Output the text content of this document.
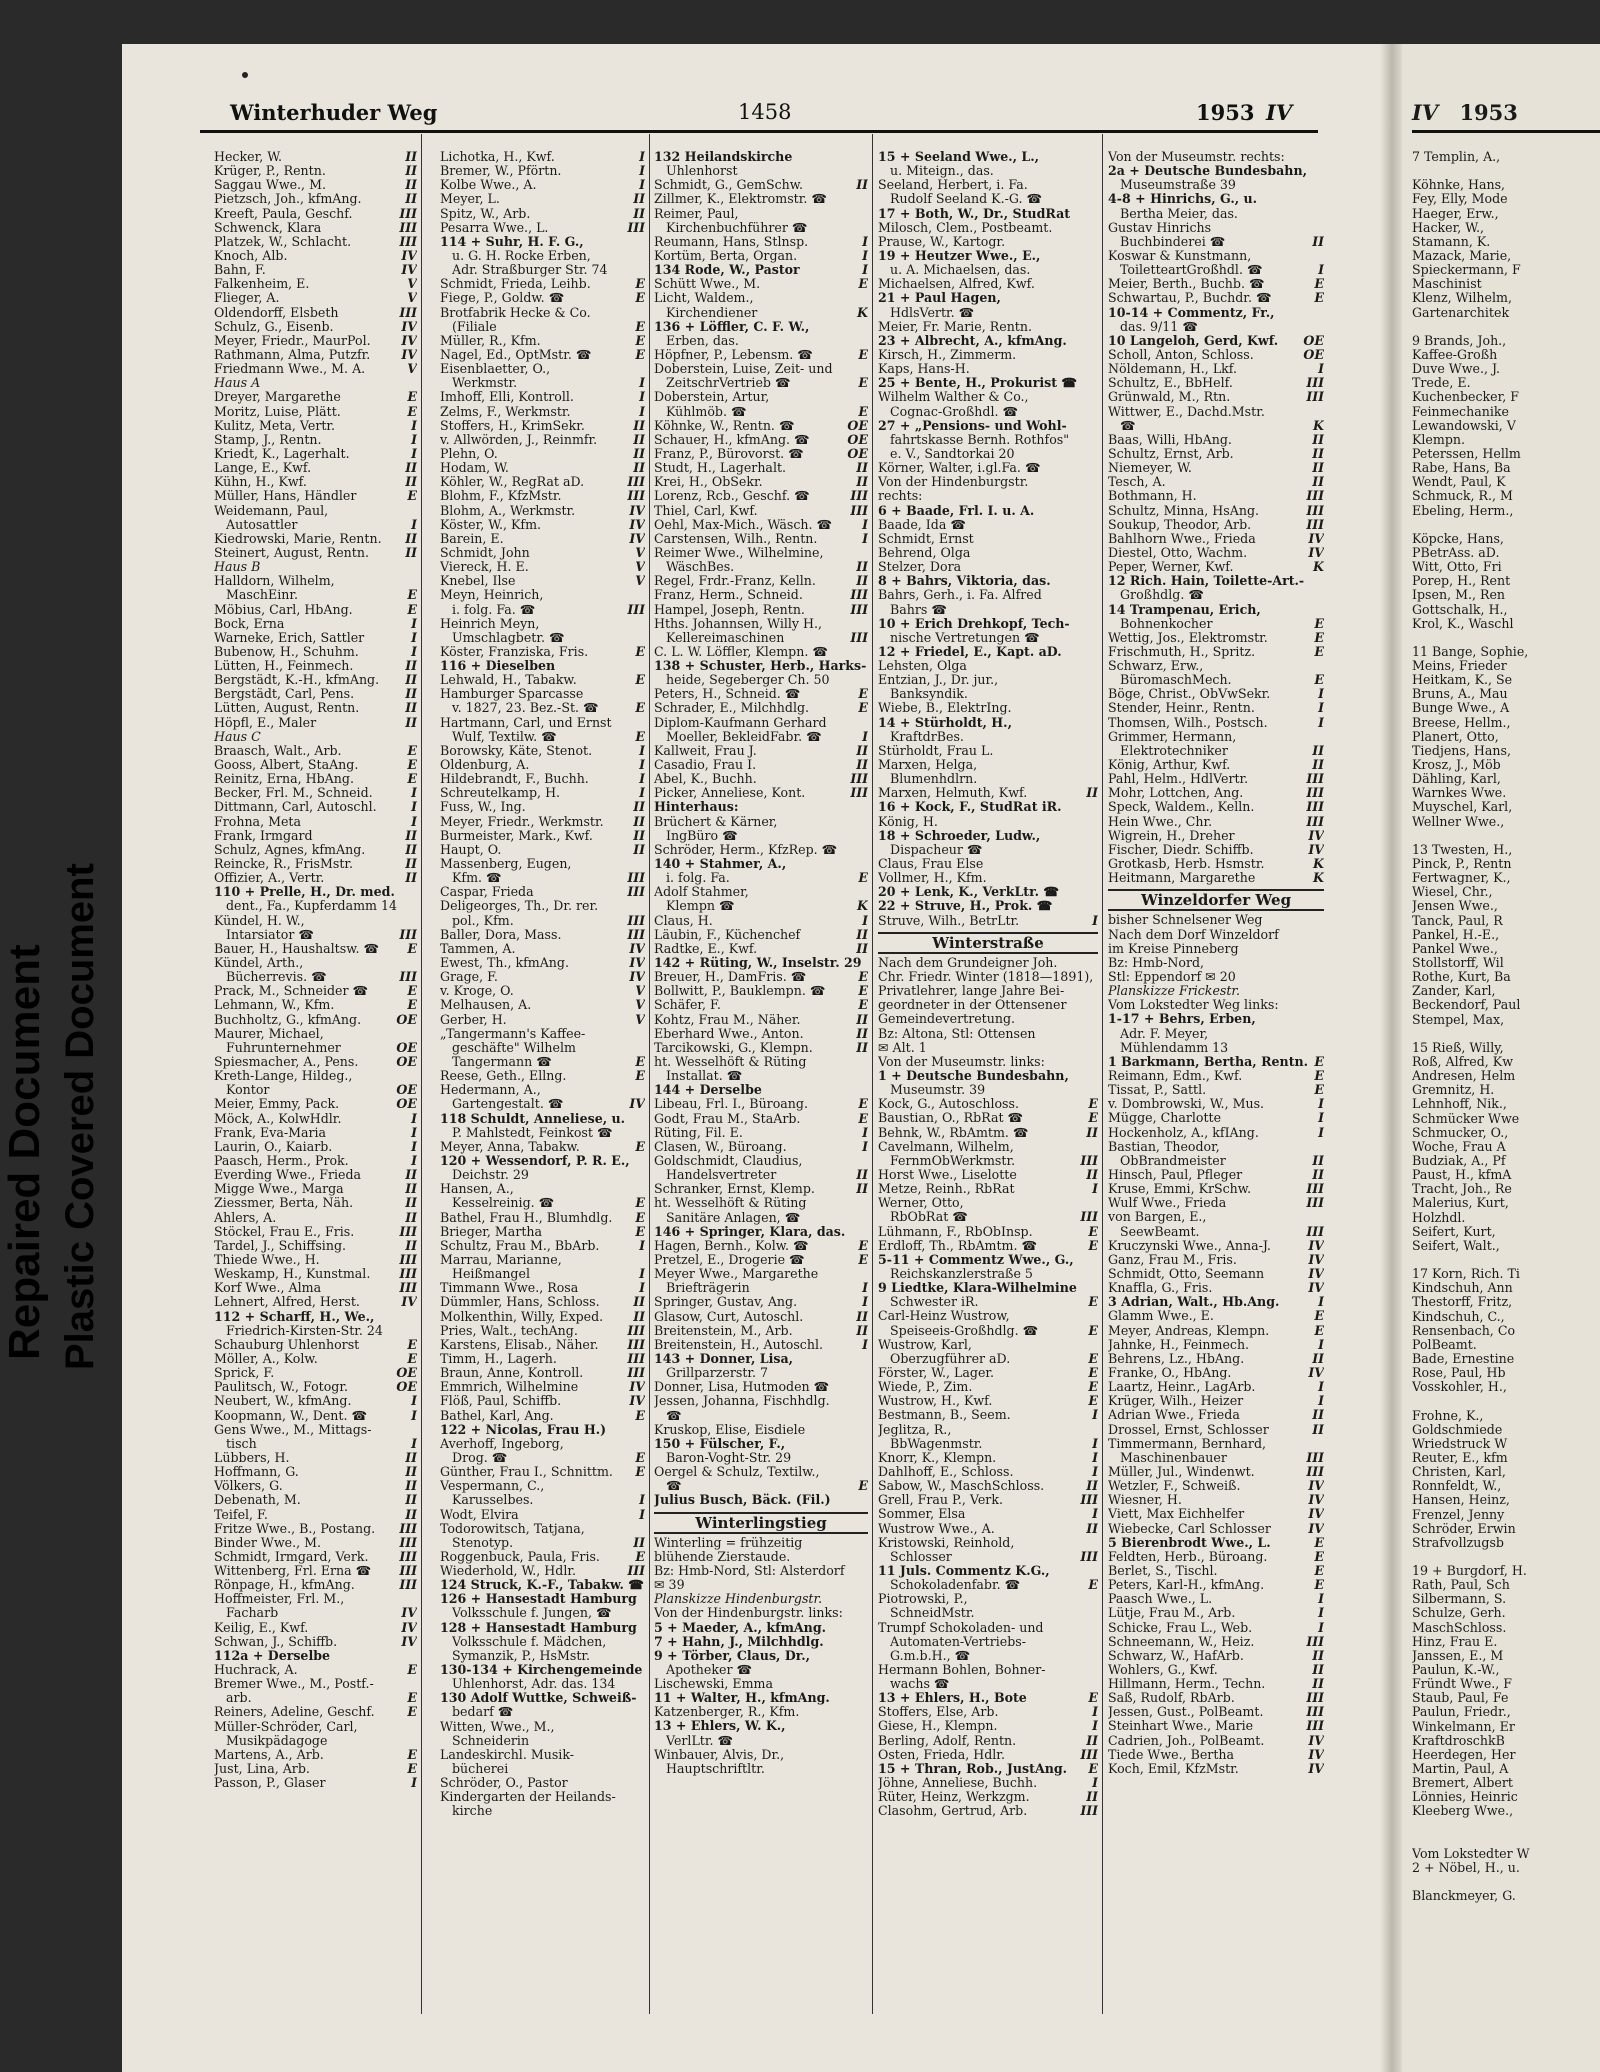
Repaired Document Plastic Covered Document
Winterhuder Weg	1458	1953 IV	IV 1953
Hecker, W.	II
Krüger, P., Rentn.	II
Saggau Wwe., M.	II
Pietzsch, Joh., kfmAng.	II
Kreeft, Paula, Geschf.	III
Schwenck, Klara	III
Platzek, W., Schlacht.	III
Knoch, Alb.	IV
Bahn, F.	IV
Falkenheim, E.	V
Flieger, A.	V
Oldendorff, Elsbeth	III
Schulz, G., Eisenb.	IV
Meyer, Friedr., MaurPol.	IV
Rathmann, Alma, Putzfr.	IV
Friedmann Wwe., M. A.	V
Haus A
Dreyer, Margarethe	E
Moritz, Luise, Plätt.	E
Kulitz, Meta, Vertr.	I
Stamp, J., Rentn.	I
Kriedt, K., Lagerhalt.	I
Lange, E., Kwf.	II
Kühn, H., Kwf.	II
Müller, Hans, Händler	E
Weidemann, Paul,
Autosattler	I
Kiedrowski, Marie, Rentn.	II
Steinert, August, Rentn.	II
Haus B
Halldorn, Wilhelm,
MaschEinr.	E
Möbius, Carl, HbAng.	E
Bock, Erna	I
Warneke, Erich, Sattler	I
Bubenow, H., Schuhm.	I
Lütten, H., Feinmech.	II
Bergstädt, K.-H., kfmAng.	II
Bergstädt, Carl, Pens.	II
Lütten, August, Rentn.	II
Höpfl, E., Maler	II
Haus C
Braasch, Walt., Arb.	E
Gooss, Albert, StaAng.	E
Reinitz, Erna, HbAng.	E
Becker, Frl. M., Schneid.	I
Dittmann, Carl, Autoschl.	I
Frohna, Meta	I
Frank, Irmgard	II
Schulz, Agnes, kfmAng.	II
Reincke, R., FrisMstr.	II
Offizier, A., Vertr.	II
110 + Prelle, H., Dr. med.
dent., Fa., Kupferdamm 14
Kündel, H. W.,
Intarsiator ☎	III
Bauer, H., Haushaltsw. ☎	E
Kündel, Arth.,
Bücherrevis. ☎	III
Prack, M., Schneider ☎	E
Lehmann, W., Kfm.	E
Buchholtz, G., kfmAng.	OE
Maurer, Michael,
Fuhrunternehmer	OE
Spiesmacher, A., Pens.	OE
Kreth-Lange, Hildeg.,
Kontor	OE
Meier, Emmy, Pack.	OE
Möck, A., KolwHdlr.	I
Frank, Eva-Maria	I
Laurin, O., Kaiarb.	I
Paasch, Herm., Prok.	I
Everding Wwe., Frieda	II
Migge Wwe., Marga	II
Ziessmer, Berta, Näh.	II
Ahlers, A.	II
Stöckel, Frau E., Fris.	III
Tardel, J., Schiffsing.	II
Thiede Wwe., H.	III
Weskamp, H., Kunstmal.	III
Korf Wwe., Alma	III
Lehnert, Alfred, Herst.	IV
112 + Scharff, H., We.,
Friedrich-Kirsten-Str. 24
Schauburg Uhlenhorst	E
Möller, A., Kolw.	E
Sprick, F.	OE
Paulitsch, W., Fotogr.	OE
Neubert, W., kfmAng.	I
Koopmann, W., Dent. ☎	I
Gens Wwe., M., Mittags-
tisch	I
Lübbers, H.	II
Hoffmann, G.	II
Völkers, G.	II
Debenath, M.	II
Teifel, F.	II
Fritze Wwe., B., Postang.	III
Binder Wwe., M.	III
Schmidt, Irmgard, Verk.	III
Wittenberg, Frl. Erna ☎	III
Rönpage, H., kfmAng.	III
Hoffmeister, Frl. M.,
Facharb	IV
Keilig, E., Kwf.	IV
Schwan, J., Schiffb.	IV
112a + Derselbe
Huchrack, A.	E
Bremer Wwe., M., Postf.-
arb.	E
Reiners, Adeline, Geschf.	E
Müller-Schröder, Carl,
Musikpädagoge
Martens, A., Arb.	E
Just, Lina, Arb.	E
Passon, P., Glaser	I
Lichotka, H., Kwf.	I
Bremer, W., Pförtn.	I
Kolbe Wwe., A.	I
Meyer, L.	II
Spitz, W., Arb.	II
Pesarra Wwe., L.	III
114 + Suhr, H. F. G.,
u. G. H. Rocke Erben,
Adr. Straßburger Str. 74
Schmidt, Frieda, Leihb.	E
Fiege, P., Goldw. ☎	E
Brotfabrik Hecke & Co.
(Filiale	E
Müller, R., Kfm.	E
Nagel, Ed., OptMstr. ☎	E
Eisenblaetter, O.,
Werkmstr.	I
Imhoff, Elli, Kontroll.	I
Zelms, F., Werkmstr.	I
Stoffers, H., KrimSekr.	II
v. Allwörden, J., Reinmfr.	II
Plehn, O.	II
Hodam, W.	II
Köhler, W., RegRat aD.	III
Blohm, F., KfzMstr.	III
Blohm, A., Werkmstr.	IV
Köster, W., Kfm.	IV
Barein, E.	IV
Schmidt, John	V
Viereck, H. E.	V
Knebel, Ilse	V
Meyn, Heinrich,
i. folg. Fa. ☎	III
Heinrich Meyn,
Umschlagbetr. ☎
Köster, Franziska, Fris.	E
116 + Dieselben
Lehwald, H., Tabakw.	E
Hamburger Sparcasse
v. 1827, 23. Bez.-St. ☎	E
Hartmann, Carl, und Ernst
Wulf, Textilw. ☎	E
Borowsky, Käte, Stenot.	I
Oldenburg, A.	I
Hildebrandt, F., Buchh.	I
Schreutelkamp, H.	I
Fuss, W., Ing.	II
Meyer, Friedr., Werkmstr.	II
Burmeister, Mark., Kwf.	II
Haupt, O.	II
Massenberg, Eugen,
Kfm. ☎	III
Caspar, Frieda	III
Deligeorges, Th., Dr. rer.
pol., Kfm.	III
Baller, Dora, Mass.	III
Tammen, A.	IV
Ewest, Th., kfmAng.	IV
Grage, F.	IV
v. Kroge, O.	V
Melhausen, A.	V
Gerber, H.	V
„Tangermann's Kaffee-
geschäfte" Wilhelm
Tangermann ☎	E
Reese, Geth., Ellng.	E
Hedermann, A.,
Gartengestalt. ☎	IV
118 Schuldt, Anneliese, u.
P. Mahlstedt, Feinkost ☎
Meyer, Anna, Tabakw.	E
120 + Wessendorf, P. R. E.,
Deichstr. 29
Hansen, A.,
Kesselreinig. ☎	E
Bathel, Frau H., Blumhdlg.	E
Brieger, Martha	E
Schultz, Frau M., BbArb.	I
Marrau, Marianne,
Heißmangel	I
Timmann Wwe., Rosa	I
Dümmler, Hans, Schloss.	II
Molkenthin, Willy, Exped.	II
Pries, Walt., techAng.	III
Karstens, Elisab., Näher.	III
Timm, H., Lagerh.	III
Braun, Anne, Kontroll.	III
Emmrich, Wilhelmine	IV
Flöß, Paul, Schiffb.	IV
Bathel, Karl, Ang.	E
122 + Nicolas, Frau H.)
Averhoff, Ingeborg,
Drog. ☎	E
Günther, Frau I., Schnittm.	E
Vespermann, C.,
Karusselbes.	I
Wodt, Elvira	I
Todorowitsch, Tatjana,
Stenotyp.	II
Roggenbuck, Paula, Fris.	E
Wiederhold, W., Hdlr.	III
124 Struck, K.-F., Tabakw. ☎
126 + Hansestadt Hamburg
Volksschule f. Jungen, ☎
128 + Hansestadt Hamburg
Volksschule f. Mädchen,
Symanzik, P., HsMstr.
130-134 + Kirchengemeinde
Uhlenhorst, Adr. das. 134
130 Adolf Wuttke, Schweiß-
bedarf ☎
Witten, Wwe., M.,
Schneiderin
Landeskirchl. Musik-
bücherei
Schröder, O., Pastor
Kindergarten der Heilands-
kirche
132 Heilandskirche
Uhlenhorst
Schmidt, G., GemSchw.	II
Zillmer, K., Elektromstr. ☎
Reimer, Paul,
Kirchenbuchführer ☎
Reumann, Hans, Stlnsp.	I
Kortüm, Berta, Organ.	I
134 Rode, W., Pastor	I
Schütt Wwe., M.	E
Licht, Waldem.,
Kirchendiener	K
136 + Löffler, C. F. W.,
Erben, das.
Höpfner, P., Lebensm. ☎	E
Doberstein, Luise, Zeit- und
ZeitschrVertrieb ☎	E
Doberstein, Artur,
Kühlmöb. ☎	E
Köhnke, W., Rentn. ☎	OE
Schauer, H., kfmAng. ☎	OE
Franz, P., Bürovorst. ☎	OE
Studt, H., Lagerhalt.	II
Krei, H., ObSekr.	II
Lorenz, Rcb., Geschf. ☎	III
Thiel, Carl, Kwf.	III
Oehl, Max-Mich., Wäsch. ☎	I
Carstensen, Wilh., Rentn.	I
Reimer Wwe., Wilhelmine,
WäschBes.	II
Regel, Frdr.-Franz, Kelln.	II
Franz, Herm., Schneid.	III
Hampel, Joseph, Rentn.	III
Hths. Johannsen, Willy H.,
Kellereimaschinen	III
C. L. W. Löffler, Klempn. ☎
138 + Schuster, Herb., Harks-
heide, Segeberger Ch. 50
Peters, H., Schneid. ☎	E
Schrader, E., Milchhdlg.	E
Diplom-Kaufmann Gerhard
Moeller, BekleidFabr. ☎	I
Kallweit, Frau J.	II
Casadio, Frau I.	II
Abel, K., Buchh.	III
Picker, Anneliese, Kont.	III
Hinterhaus:
Brüchert & Kärner,
IngBüro ☎
Schröder, Herm., KfzRep. ☎
140 + Stahmer, A.,
i. folg. Fa.	E
Adolf Stahmer,
Klempn ☎	K
Claus, H.	I
Läubin, F., Küchenchef	II
Radtke, E., Kwf.	II
142 + Rüting, W., Inselstr. 29
Breuer, H., DamFris. ☎	E
Bollwitt, P., Bauklempn. ☎	E
Schäfer, F.	E
Kohtz, Frau M., Näher.	II
Eberhard Wwe., Anton.	II
Tarcikowski, G., Klempn.	II
ht. Wesselhöft & Rüting
Installat. ☎
144 + Derselbe
Libeau, Frl. I., Büroang.	E
Godt, Frau M., StaArb.	E
Rüting, Fil. E.	I
Clasen, W., Büroang.	I
Goldschmidt, Claudius,
Handelsvertreter	II
Schranker, Ernst, Klemp.	II
ht. Wesselhöft & Rüting
Sanitäre Anlagen, ☎
146 + Springer, Klara, das.
Hagen, Bernh., Kolw. ☎	E
Pretzel, E., Drogerie ☎	E
Meyer Wwe., Margarethe
Briefträgerin	I
Springer, Gustav, Ang.	I
Glasow, Curt, Autoschl.	II
Breitenstein, M., Arb.	II
Breitenstein, H., Autoschl.	I
143 + Donner, Lisa,
Grillparzerstr. 7
Donner, Lisa, Hutmoden ☎
Jessen, Johanna, Fischhdlg.
☎
Kruskop, Elise, Eisdiele
150 + Fülscher, F.,
Baron-Voght-Str. 29
Oergel & Schulz, Textilw.,
☎	E
Julius Busch, Bäck. (Fil.)
Winterlingstieg
Winterling = frühzeitig
blühende Zierstaude.
Bz: Hmb-Nord, Stl: Alsterdorf
✉ 39
Planskizze Hindenburgstr.
Von der Hindenburgstr. links:
5 + Maeder, A., kfmAng.
7 + Hahn, J., Milchhdlg.
9 + Törber, Claus, Dr.,
Apotheker ☎
Lischewski, Emma
11 + Walter, H., kfmAng.
Katzenberger, R., Kfm.
13 + Ehlers, W. K.,
VerlLtr. ☎
Winbauer, Alvis, Dr.,
Hauptschriftltr.
15 + Seeland Wwe., L.,
u. Miteign., das.
Seeland, Herbert, i. Fa.
Rudolf Seeland K.-G. ☎
17 + Both, W., Dr., StudRat
Milosch, Clem., Postbeamt.
Prause, W., Kartogr.
19 + Heutzer Wwe., E.,
u. A. Michaelsen, das.
Michaelsen, Alfred, Kwf.
21 + Paul Hagen,
HdlsVertr. ☎
Meier, Fr. Marie, Rentn.
23 + Albrecht, A., kfmAng.
Kirsch, H., Zimmerm.
Kaps, Hans-H.
25 + Bente, H., Prokurist ☎
Wilhelm Walther & Co.,
Cognac-Großhdl. ☎
27 + „Pensions- und Wohl-
fahrtskasse Bernh. Rothfos"
e. V., Sandtorkai 20
Körner, Walter, i.gl.Fa. ☎
Von der Hindenburgstr.
rechts:
6 + Baade, Frl. I. u. A.
Baade, Ida ☎
Schmidt, Ernst
Behrend, Olga
Stelzer, Dora
8 + Bahrs, Viktoria, das.
Bahrs, Gerh., i. Fa. Alfred
Bahrs ☎
10 + Erich Drehkopf, Tech-
nische Vertretungen ☎
12 + Friedel, E., Kapt. aD.
Lehsten, Olga
Entzian, J., Dr. jur.,
Banksyndik.
Wiebe, B., ElektrIng.
14 + Stürholdt, H.,
KraftdrBes.
Stürholdt, Frau L.
Marxen, Helga,
Blumenhdlrn.
Marxen, Helmuth, Kwf.	II
16 + Kock, F., StudRat iR.
König, H.
18 + Schroeder, Ludw.,
Dispacheur ☎
Claus, Frau Else
Vollmer, H., Kfm.
20 + Lenk, K., VerkLtr. ☎
22 + Struve, H., Prok. ☎
Struve, Wilh., BetrLtr.	I
Winterstraße
Nach dem Grundeigner Joh.
Chr. Friedr. Winter (1818—1891),
Privatlehrer, lange Jahre Bei-
geordneter in der Ottensener
Gemeindevertretung.
Bz: Altona, Stl: Ottensen
✉ Alt. 1
Von der Museumstr. links:
1 + Deutsche Bundesbahn,
Museumstr. 39
Kock, G., Autoschloss.	E
Baustian, O., RbRat ☎	E
Behnk, W., RbAmtm. ☎	II
Cavelmann, Wilhelm,
FernmObWerkmstr.	III
Horst Wwe., Liselotte	II
Metze, Reinh., RbRat	I
Werner, Otto,
RbObRat ☎	III
Lühmann, F., RbObInsp.	E
Erdloff, Th., RbAmtm. ☎	E
5-11 + Commentz Wwe., G.,
Reichskanzlerstraße 5
9 Liedtke, Klara-Wilhelmine
Schwester iR.	E
Carl-Heinz Wustrow,
Speiseeis-Großhdlg. ☎	E
Wustrow, Karl,
Oberzugführer aD.	E
Förster, W., Lager.	E
Wiede, P., Zim.	E
Wustrow, H., Kwf.	E
Bestmann, B., Seem.	I
Jeglitza, R.,
BbWagenmstr.	I
Knorr, K., Klempn.	I
Dahlhoff, E., Schloss.	I
Sabow, W., MaschSchloss.	II
Grell, Frau P., Verk.	III
Sommer, Elsa	I
Wustrow Wwe., A.	II
Kristowski, Reinhold,
Schlosser	III
11 Juls. Commentz K.G.,
Schokoladenfabr. ☎	E
Piotrowski, P.,
SchneidMstr.
Trumpf Schokoladen- und
Automaten-Vertriebs-
G.m.b.H., ☎
Hermann Bohlen, Bohner-
wachs ☎
13 + Ehlers, H., Bote	E
Stoffers, Else, Arb.	I
Giese, H., Klempn.	I
Berling, Adolf, Rentn.	II
Osten, Frieda, Hdlr.	III
15 + Thran, Rob., JustAng.	E
Jöhne, Anneliese, Buchh.	I
Rüter, Heinz, Werkzgm.	II
Clasohm, Gertrud, Arb.	III
Von der Museumstr. rechts:
2a + Deutsche Bundesbahn,
Museumstraße 39
4-8 + Hinrichs, G., u.
Bertha Meier, das.
Gustav Hinrichs
Buchbinderei ☎	II
Koswar & Kunstmann,
ToiletteartGroßhdl. ☎	I
Meier, Berth., Buchb. ☎	E
Schwartau, P., Buchdr. ☎	E
10-14 + Commentz, Fr.,
das. 9/11 ☎
10 Langeloh, Gerd, Kwf.	OE
Scholl, Anton, Schloss.	OE
Nöldemann, H., Lkf.	I
Schultz, E., BbHelf.	III
Grünwald, M., Rtn.	III
Wittwer, E., Dachd.Mstr.
☎	K
Baas, Willi, HbAng.	II
Schultz, Ernst, Arb.	II
Niemeyer, W.	II
Tesch, A.	II
Bothmann, H.	III
Schultz, Minna, HsAng.	III
Soukup, Theodor, Arb.	III
Bahlhorn Wwe., Frieda	IV
Diestel, Otto, Wachm.	IV
Peper, Werner, Kwf.	K
12 Rich. Hain, Toilette-Art.-
Großhdlg. ☎
14 Trampenau, Erich,
Bohnenkocher	E
Wettig, Jos., Elektromstr.	E
Frischmuth, H., Spritz.	E
Schwarz, Erw.,
BüromaschMech.	E
Böge, Christ., ObVwSekr.	I
Stender, Heinr., Rentn.	I
Thomsen, Wilh., Postsch.	I
Grimmer, Hermann,
Elektrotechniker	II
König, Arthur, Kwf.	II
Pahl, Helm., HdlVertr.	III
Mohr, Lottchen, Ang.	III
Speck, Waldem., Kelln.	III
Hein Wwe., Chr.	III
Wigrein, H., Dreher	IV
Fischer, Diedr. Schiffb.	IV
Grotkasb, Herb. Hsmstr.	K
Heitmann, Margarethe	K
Winzeldorfer Weg
bisher Schnelsener Weg
Nach dem Dorf Winzeldorf
im Kreise Pinneberg
Bz: Hmb-Nord,
Stl: Eppendorf ✉ 20
Planskizze Frickestr.
Vom Lokstedter Weg links:
1-17 + Behrs, Erben,
Adr. F. Meyer,
Mühlendamm 13
1 Barkmann, Bertha, Rentn. E
Reimann, Edm., Kwf.	E
Tissat, P., Sattl.	E
v. Dombrowski, W., Mus.	I
Mügge, Charlotte	I
Hockenholz, A., kfIAng.	I
Bastian, Theodor,
ObBrandmeister	II
Hinsch, Paul, Pfleger	II
Kruse, Emmi, KrSchw.	III
Wulf Wwe., Frieda	III
von Bargen, E.,
SeewBeamt.	III
Kruczynski Wwe., Anna-J.	IV
Ganz, Frau M., Fris.	IV
Schmidt, Otto, Seemann	IV
Knaffla, G., Fris.	IV
3 Adrian, Walt., Hb.Ang.	I
Glamm Wwe., E.	E
Meyer, Andreas, Klempn.	E
Jahnke, H., Feinmech.	I
Behrens, Lz., HbAng.	II
Franke, O., HbAng.	IV
Laartz, Heinr., LagArb.	I
Krüger, Wilh., Heizer	I
Adrian Wwe., Frieda	II
Drossel, Ernst, Schlosser	II
Timmermann, Bernhard,
Maschinenbauer	III
Müller, Jul., Windenwt.	III
Wetzler, F., Schweiß.	IV
Wiesner, H.	IV
Viett, Max Eichhelfer	IV
Wiebecke, Carl Schlosser	IV
5 Bierenbrodt Wwe., L.	E
Feldten, Herb., Büroang.	E
Berlet, S., Tischl.	E
Peters, Karl-H., kfmAng.	E
Paasch Wwe., L.	I
Lütje, Frau M., Arb.	I
Schicke, Frau L., Web.	I
Schneemann, W., Heiz.	III
Schwarz, W., HafArb.	II
Wohlers, G., Kwf.	II
Hillmann, Herm., Techn.	II
Saß, Rudolf, RbArb.	III
Jessen, Gust., PolBeamt.	III
Steinhart Wwe., Marie	III
Cadrien, Joh., PolBeamt.	IV
Tiede Wwe., Bertha	IV
Koch, Emil, KfzMstr.	IV
7 Templin, A.,

Köhnke, Hans,
Fey, Elly, Mode
Haeger, Erw.,
Hacker, W.,
Stamann, K.
Mazack, Marie,
Spieckermann, F
Maschinist
Klenz, Wilhelm,
Gartenarchitek

9 Brands, Joh.,
Kaffee-Großh
Duve Wwe., J.
Trede, E.
Kuchenbecker, F
Feinmechanike
Lewandowski, V
Klempn.
Peterssen, Hellm
Rabe, Hans, Ba
Wendt, Paul, K
Schmuck, R., M
Ebeling, Herm.,

Köpcke, Hans,
PBetrAss. aD.
Witt, Otto, Fri
Porep, H., Rent
Ipsen, M., Ren
Gottschalk, H.,
Krol, K., Waschl

11 Bange, Sophie,
Meins, Frieder
Heitkam, K., Se
Bruns, A., Mau
Bunge Wwe., A
Breese, Hellm.,
Planert, Otto,
Tiedjens, Hans,
Krosz, J., Möb
Dähling, Karl,
Warnkes Wwe.
Muyschel, Karl,
Wellner Wwe.,

13 Twesten, H.,
Pinck, P., Rentn
Fertwagner, K.,
Wiesel, Chr.,
Jensen Wwe.,
Tanck, Paul, R
Pankel, H.-E.,
Pankel Wwe.,
Stollstorff, Wil
Rothe, Kurt, Ba
Zander, Karl,
Beckendorf, Paul
Stempel, Max,

15 Rieß, Willy,
Roß, Alfred, Kw
Andresen, Helm
Gremnitz, H.
Lehnhoff, Nik.,
Schmücker Wwe
Schmucker, O.,
Woche, Frau A
Budziak, A., Pf
Paust, H., kfmA
Tracht, Joh., Re
Malerius, Kurt,
Holzhdl.
Seifert, Kurt,
Seifert, Walt.,

17 Korn, Rich. Ti
Kindschuh, Ann
Thestorff, Fritz,
Kindschuh, C.,
Rensenbach, Co
PolBeamt.
Bade, Ernestine
Rose, Paul, Hb
Vosskohler, H.,

Frohne, K.,
Goldschmiede
Wriedstruck W
Reuter, E., kfm
Christen, Karl,
Ronnfeldt, W.,
Hansen, Heinz,
Frenzel, Jenny
Schröder, Erwin
Strafvollzugsb

19 + Burgdorf, H.
Rath, Paul, Sch
Silbermann, S.
Schulze, Gerh.
MaschSchloss.
Hinz, Frau E.
Janssen, E., M
Paulun, K.-W.,
Fründt Wwe., F
Staub, Paul, Fe
Paulun, Friedr.,
Winkelmann, Er
KraftdroschkB
Heerdegen, Her
Martin, Paul, A
Bremert, Albert
Lönnies, Heinric
Kleeberg Wwe.,

Vom Lokstedter W
2 + Nöbel, H., u.

Blanckmeyer, G.
